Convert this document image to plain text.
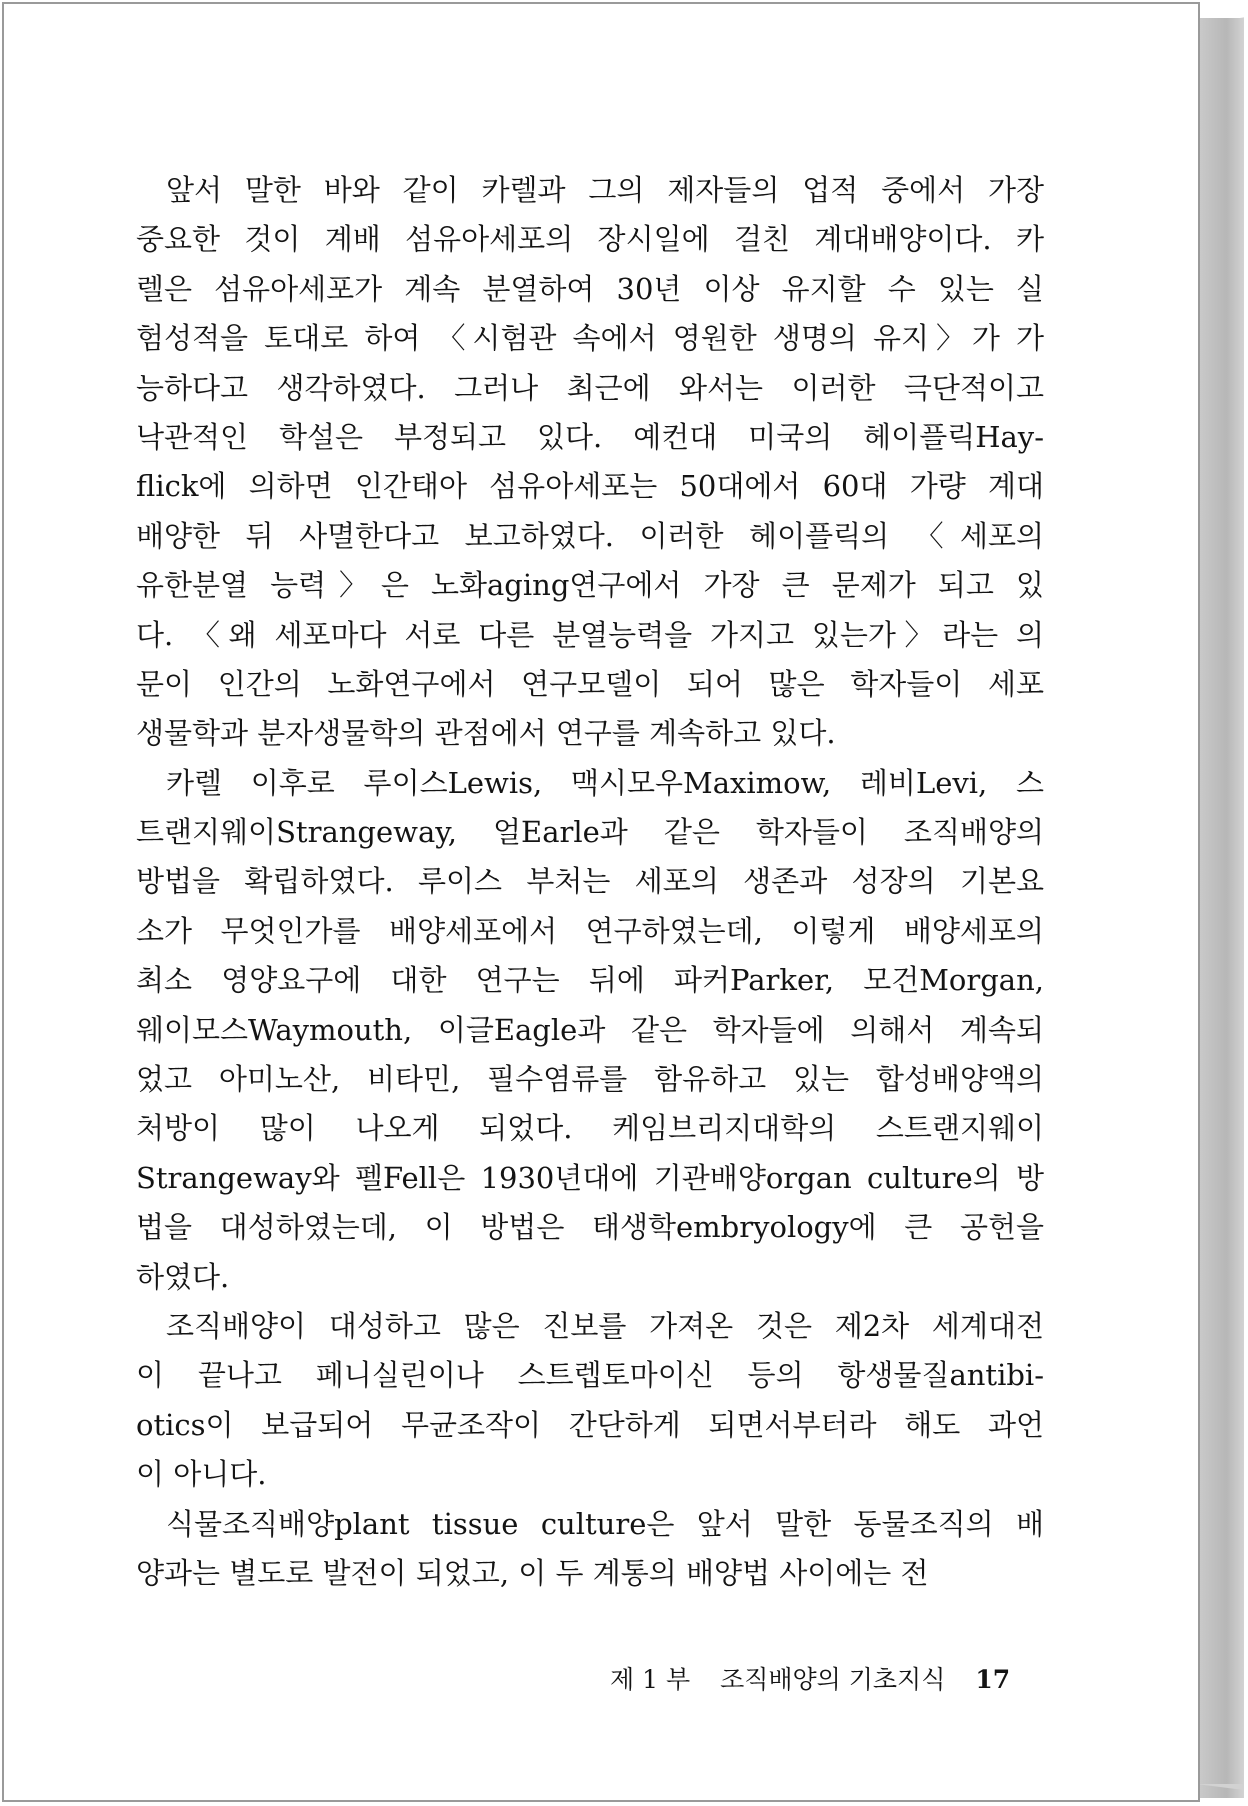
앞서 말한 바와 같이 카렐과 그의 제자들의 업적 중에서 가장
중요한 것이 계배 섬유아세포의 장시일에 걸친 계대배양이다. 카
렐은 섬유아세포가 계속 분열하여 30년 이상 유지할 수 있는 실
험성적을 토대로 하여 〈시험관 속에서 영원한 생명의 유지〉가 가
능하다고 생각하였다. 그러나 최근에 와서는 이러한 극단적이고
낙관적인 학설은 부정되고 있다. 예컨대 미국의 헤이플릭Hay-
flick에 의하면 인간태아 섬유아세포는 50대에서 60대 가량 계대
배양한 뒤 사멸한다고 보고하였다. 이러한 헤이플릭의 〈세포의
유한분열 능력〉은 노화aging연구에서 가장 큰 문제가 되고 있
다. 〈왜 세포마다 서로 다른 분열능력을 가지고 있는가〉라는 의
문이 인간의 노화연구에서 연구모델이 되어 많은 학자들이 세포
생물학과 분자생물학의 관점에서 연구를 계속하고 있다.
카렐 이후로 루이스Lewis, 맥시모우Maximow, 레비Levi, 스
트랜지웨이Strangeway, 얼Earle과 같은 학자들이 조직배양의
방법을 확립하였다. 루이스 부처는 세포의 생존과 성장의 기본요
소가 무엇인가를 배양세포에서 연구하였는데, 이렇게 배양세포의
최소 영양요구에 대한 연구는 뒤에 파커Parker, 모건Morgan,
웨이모스Waymouth, 이글Eagle과 같은 학자들에 의해서 계속되
었고 아미노산, 비타민, 필수염류를 함유하고 있는 합성배양액의
처방이 많이 나오게 되었다. 케임브리지대학의 스트랜지웨이
Strangeway와 펠Fell은 1930년대에 기관배양organ culture의 방
법을 대성하였는데, 이 방법은 태생학embryology에 큰 공헌을
하였다.
조직배양이 대성하고 많은 진보를 가져온 것은 제2차 세계대전
이 끝나고 페니실린이나 스트렙토마이신 등의 항생물질antibi-
otics이 보급되어 무균조작이 간단하게 되면서부터라 해도 과언
이 아니다.
식물조직배양plant tissue culture은 앞서 말한 동물조직의 배
양과는 별도로 발전이 되었고, 이 두 계통의 배양법 사이에는 전
제 1 부 조직배양의 기초지식 17
